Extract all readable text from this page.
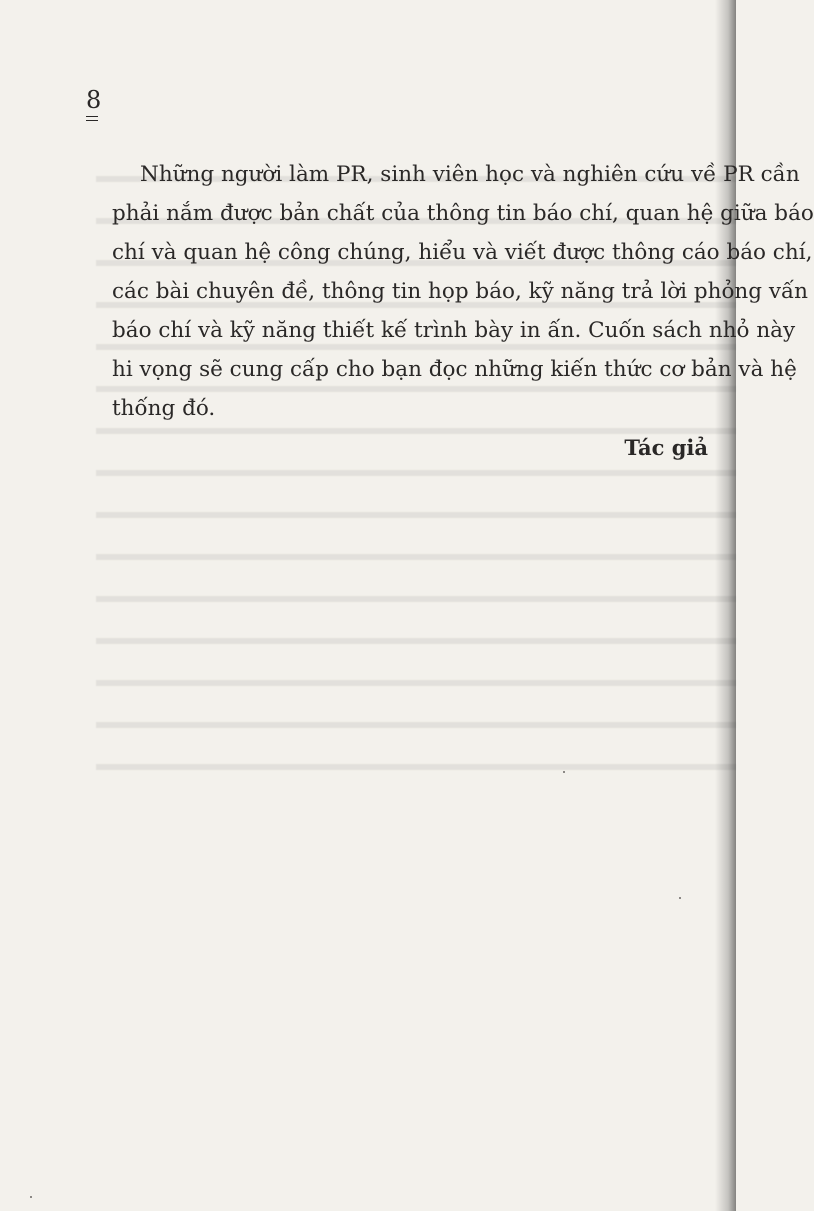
8
Những người làm PR, sinh viên học và nghiên cứu về PR cần
phải nắm được bản chất của thông tin báo chí, quan hệ giữa báo
chí và quan hệ công chúng, hiểu và viết được thông cáo báo chí,
các bài chuyên đề, thông tin họp báo, kỹ năng trả lời phỏng vấn
báo chí và kỹ năng thiết kế trình bày in ấn. Cuốn sách nhỏ này
hi vọng sẽ cung cấp cho bạn đọc những kiến thức cơ bản và hệ
thống đó.
Tác giả
